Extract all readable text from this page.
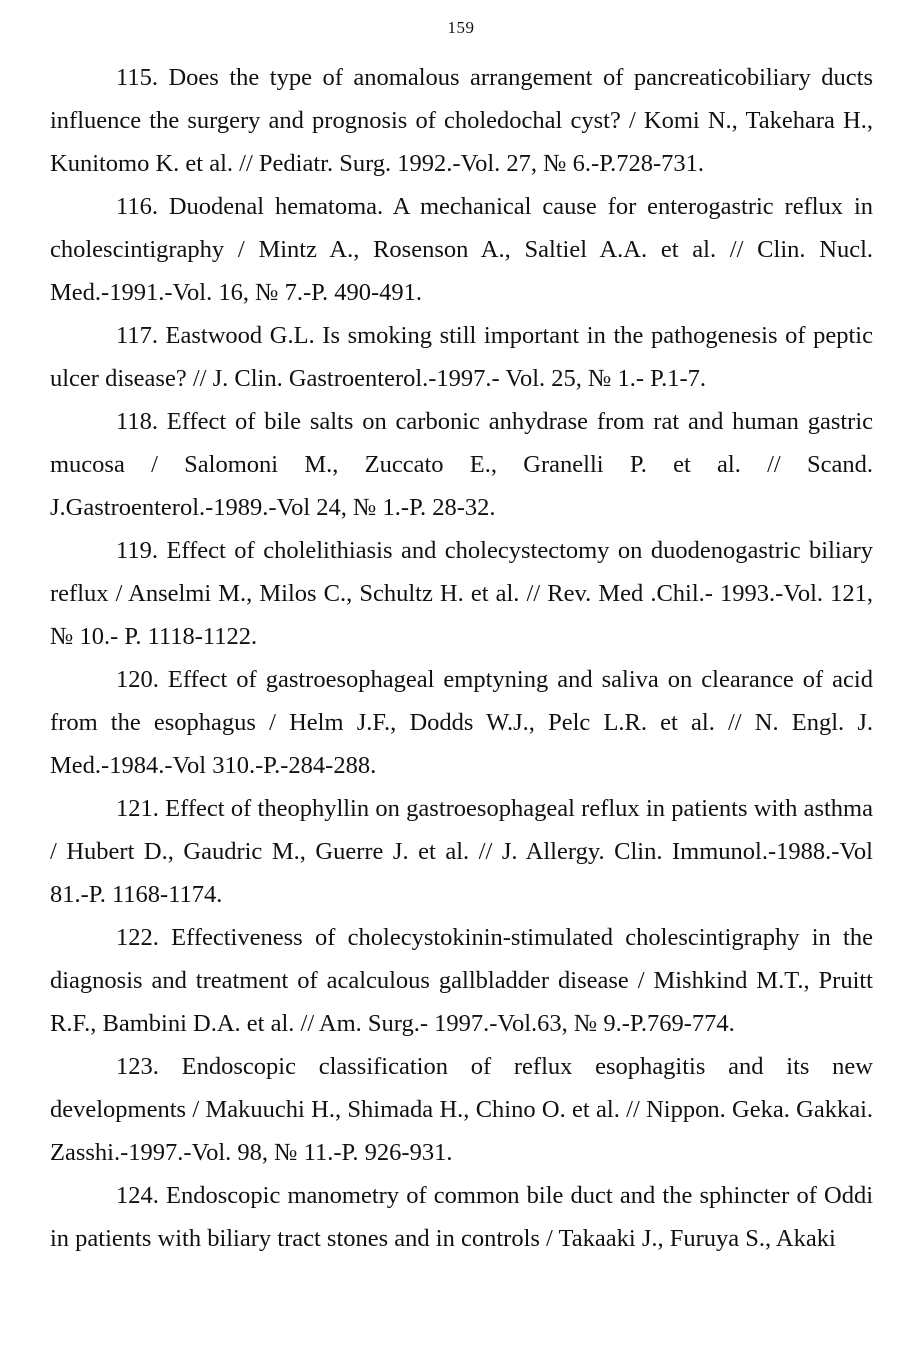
159
115. Does the type of anomalous arrangement of pancreaticobiliary ducts influence the surgery and prognosis of choledochal cyst? / Komi N., Takehara H., Kunitomo K. et al. // Pediatr. Surg. 1992.-Vol. 27, № 6.-P.728-731.
116. Duodenal hematoma. A mechanical cause for enterogastric reflux in cholescintigraphy / Mintz A., Rosenson A., Saltiel A.A. et al. // Clin. Nucl. Med.-1991.-Vol. 16, № 7.-P. 490-491.
117. Eastwood G.L. Is smoking still important in the pathogenesis of peptic ulcer disease? // J. Clin. Gastroenterol.-1997.- Vol. 25, № 1.- P.1-7.
118. Effect of bile salts on carbonic anhydrase from rat and human gastric mucosa / Salomoni M., Zuccato E., Granelli P. et al. // Scand. J.Gastroenterol.-1989.-Vol 24, № 1.-P. 28-32.
119. Effect of cholelithiasis and cholecystectomy on duodenogastric biliary reflux / Anselmi M., Milos C., Schultz H. et al. // Rev. Med .Chil.- 1993.-Vol. 121, № 10.- P. 1118-1122.
120. Effect of gastroesophageal emptyning and saliva on clearance of acid from the esophagus / Helm J.F., Dodds W.J., Pelc L.R. et al. // N. Engl. J. Med.-1984.-Vol 310.-P.-284-288.
121. Effect of theophyllin on gastroesophageal reflux in patients with asthma / Hubert D., Gaudric M., Guerre J. et al. // J. Allergy. Clin. Immunol.-1988.-Vol 81.-P. 1168-1174.
122. Effectiveness of cholecystokinin-stimulated cholescintigraphy in the diagnosis and treatment of acalculous gallbladder disease / Mishkind M.T., Pruitt R.F., Bambini D.A. et al. // Am. Surg.- 1997.-Vol.63, № 9.-P.769-774.
123. Endoscopic classification of reflux esophagitis and its new developments / Makuuchi H., Shimada H., Chino O. et al. // Nippon. Geka. Gakkai. Zasshi.-1997.-Vol. 98, № 11.-P. 926-931.
124. Endoscopic manometry of common bile duct and the sphincter of Oddi in patients with biliary tract stones and in controls / Takaaki J., Furuya S., Akaki
